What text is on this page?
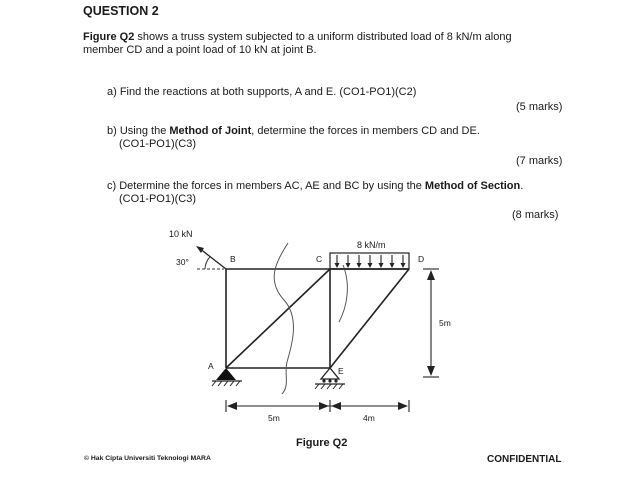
QUESTION 2
Figure Q2 shows a truss system subjected to a uniform distributed load of 8 kN/m along
member CD and a point load of 10 kN at joint B.
a) Find the reactions at both supports, A and E. (CO1-PO1)(C2)
(5 marks)
b) Using the Method of Joint, determine the forces in members CD and DE.
(CO1-PO1)(C3)
(7 marks)
c) Determine the forces in members AC, AE and BC by using the Method of Section.
(CO1-PO1)(C3)
(8 marks)
10 kN
30°
8 kN/m
A
B	C	D
E
5m
5m	4m
Figure Q2
© Hak Cipta Universiti Teknologi MARA	CONFIDENTIAL
